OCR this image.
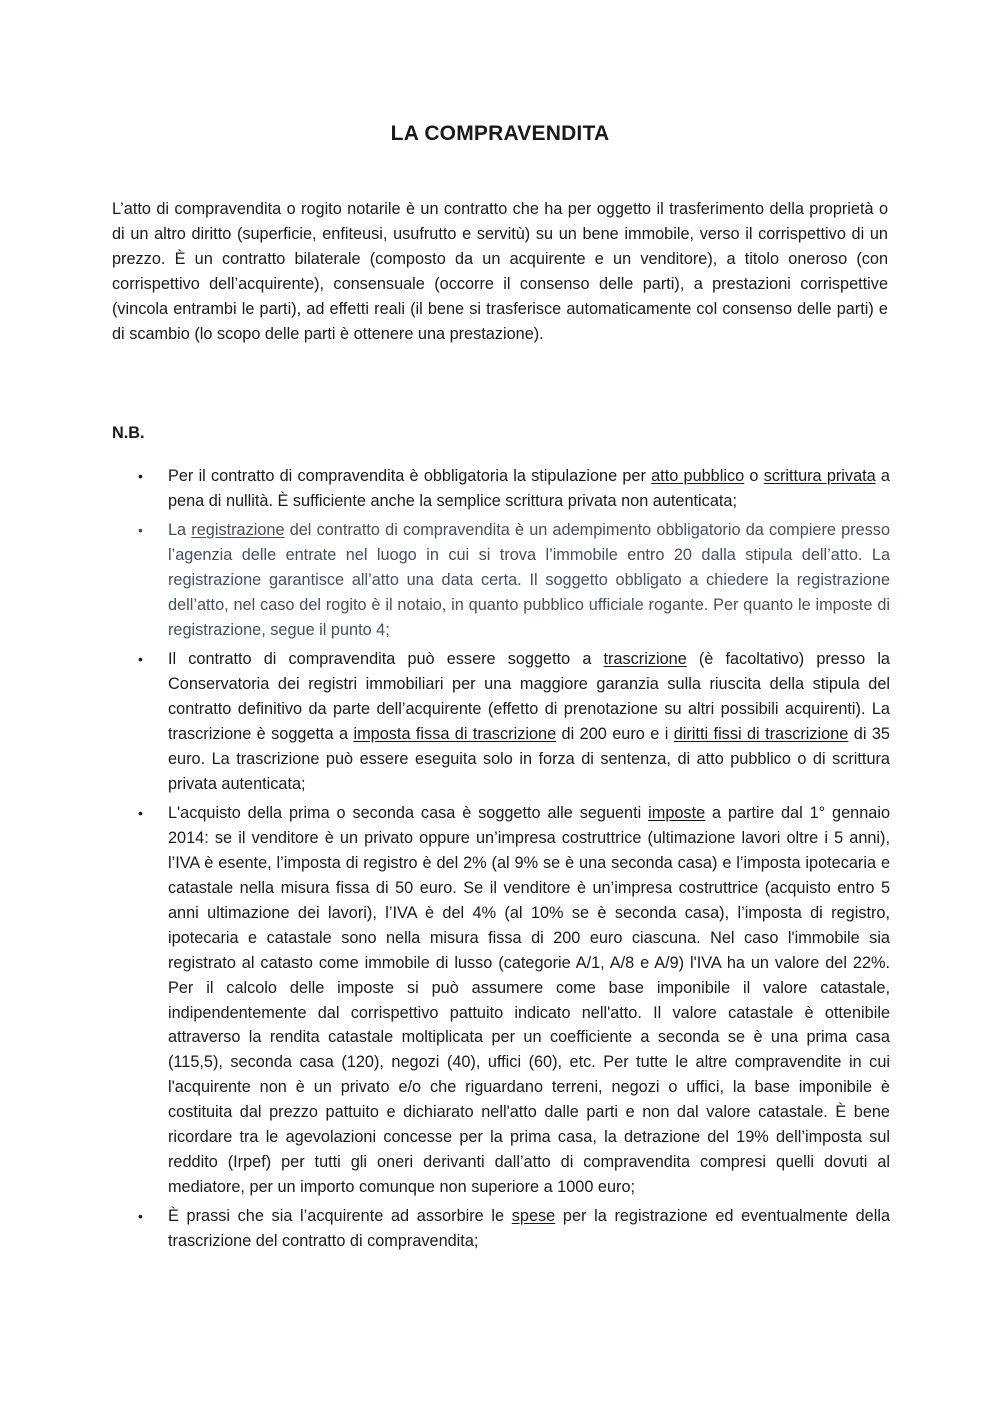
LA COMPRAVENDITA

L’atto di compravendita o rogito notarile è un contratto che ha per oggetto il trasferimento della proprietà o di un altro diritto (superficie, enfiteusi, usufrutto e servitù) su un bene immobile, verso il corrispettivo di un prezzo. È un contratto bilaterale (composto da un acquirente e un venditore), a titolo oneroso (con corrispettivo dell’acquirente), consensuale (occorre il consenso delle parti), a prestazioni corrispettive (vincola entrambi le parti), ad effetti reali (il bene si trasferisce automaticamente col consenso delle parti) e di scambio (lo scopo delle parti è ottenere una prestazione).

N.B.

• Per il contratto di compravendita è obbligatoria la stipulazione per atto pubblico o scrittura privata a pena di nullità. È sufficiente anche la semplice scrittura privata non autenticata;
• La registrazione del contratto di compravendita è un adempimento obbligatorio da compiere presso l’agenzia delle entrate nel luogo in cui si trova l’immobile entro 20 dalla stipula dell’atto. La registrazione garantisce all’atto una data certa. Il soggetto obbligato a chiedere la registrazione dell’atto, nel caso del rogito è il notaio, in quanto pubblico ufficiale rogante. Per quanto le imposte di registrazione, segue il punto 4;
• Il contratto di compravendita può essere soggetto a trascrizione (è facoltativo) presso la Conservatoria dei registri immobiliari per una maggiore garanzia sulla riuscita della stipula del contratto definitivo da parte dell’acquirente (effetto di prenotazione su altri possibili acquirenti). La trascrizione è soggetta a imposta fissa di trascrizione di 200 euro e i diritti fissi di trascrizione di 35 euro. La trascrizione può essere eseguita solo in forza di sentenza, di atto pubblico o di scrittura privata autenticata;
• L'acquisto della prima o seconda casa è soggetto alle seguenti imposte a partire dal 1° gennaio 2014: se il venditore è un privato oppure un’impresa costruttrice (ultimazione lavori oltre i 5 anni), l’IVA è esente, l’imposta di registro è del 2% (al 9% se è una seconda casa) e l’imposta ipotecaria e catastale nella misura fissa di 50 euro. Se il venditore è un’impresa costruttrice (acquisto entro 5 anni ultimazione dei lavori), l’IVA è del 4% (al 10% se è seconda casa), l’imposta di registro, ipotecaria e catastale sono nella misura fissa di 200 euro ciascuna. Nel caso l'immobile sia registrato al catasto come immobile di lusso (categorie A/1, A/8 e A/9) l'IVA ha un valore del 22%. Per il calcolo delle imposte si può assumere come base imponibile il valore catastale, indipendentemente dal corrispettivo pattuito indicato nell'atto. Il valore catastale è ottenibile attraverso la rendita catastale moltiplicata per un coefficiente a seconda se è una prima casa (115,5), seconda casa (120), negozi (40), uffici (60), etc. Per tutte le altre compravendite in cui l'acquirente non è un privato e/o che riguardano terreni, negozi o uffici, la base imponibile è costituita dal prezzo pattuito e dichiarato nell'atto dalle parti e non dal valore catastale. È bene ricordare tra le agevolazioni concesse per la prima casa, la detrazione del 19% dell’imposta sul reddito (Irpef) per tutti gli oneri derivanti dall’atto di compravendita compresi quelli dovuti al mediatore, per un importo comunque non superiore a 1000 euro;
• È prassi che sia l’acquirente ad assorbire le spese per la registrazione ed eventualmente della trascrizione del contratto di compravendita;
